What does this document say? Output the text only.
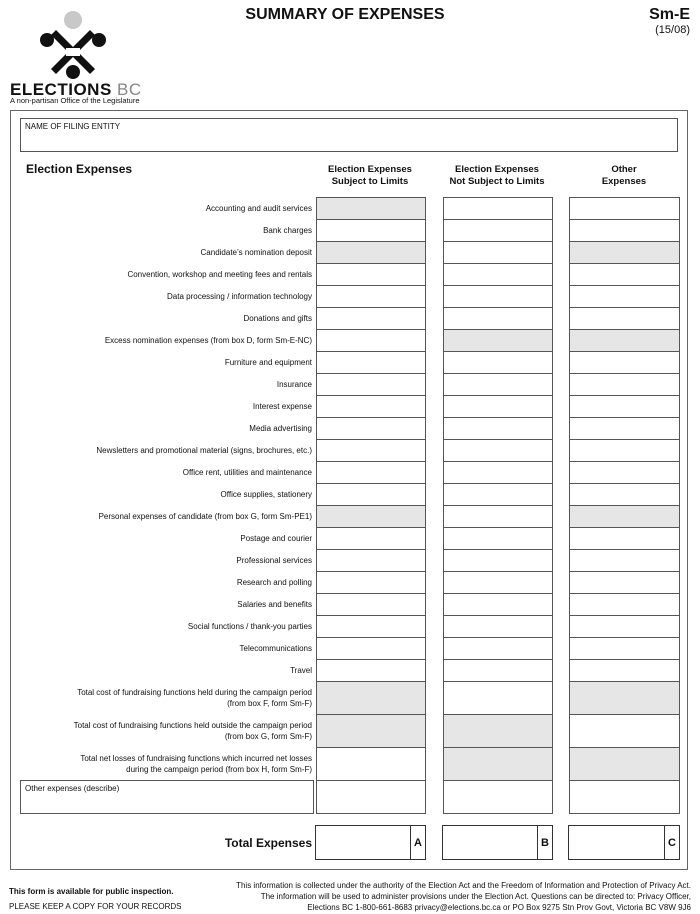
ELECTIONS BC
A non-partisan Office of the Legislature
SUMMARY OF EXPENSES	Sm-E
(15/08)
NAME OF FILING ENTITY
Election Expenses	Election Expenses
Subject to Limits
Election Expenses
Not Subject to Limits
Other
Expenses
Accounting and audit services
Bank charges
Candidate’s nomination deposit
Convention, workshop and meeting fees and rentals
Data processing / information technology
Donations and gifts
Excess nomination expenses (from box D, form Sm-E-NC)
Furniture and equipment
Insurance
Interest expense
Media advertising
Newsletters and promotional material (signs, brochures, etc.)
Office rent, utilities and maintenance
Office supplies, stationery
Personal expenses of candidate (from box G, form Sm-PE1)
Postage and courier
Professional services
Research and polling
Salaries and benefits
Social functions / thank-you parties
Telecommunications
Travel
Total cost of fundraising functions held during the campaign period (from box F, form Sm-F)
Total cost of fundraising functions held outside the campaign period (from box G, form Sm-F)
Total net losses of fundraising functions which incurred net losses during the campaign period (from box H, form Sm-F)
Other expenses (describe)
Total Expenses	A	B	C
This form is available for public inspection.
PLEASE KEEP A COPY FOR YOUR RECORDS
This information is collected under the authority of the Election Act and the Freedom of Information and Protection of Privacy Act.
The information will be used to administer provisions under the Election Act. Questions can be directed to: Privacy Officer,
Elections BC 1-800-661-8683 privacy@elections.bc.ca or PO Box 9275 Stn Prov Govt, Victoria BC V8W 9J6
